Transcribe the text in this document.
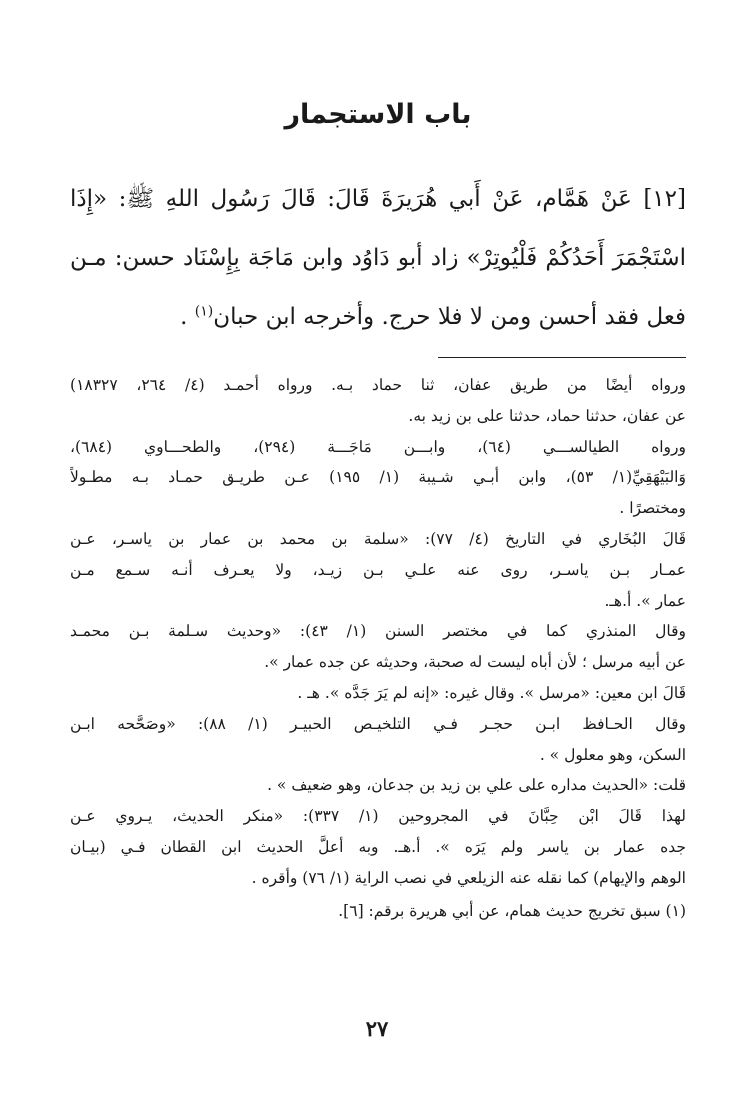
باب الاستجمار
[١٢] عَنْ هَمَّام، عَنْ أَبي هُرَيرَةَ قَالَ: قَالَ رَسُول اللهِ ﷺ: «إِذَا
اسْتَجْمَرَ أَحَدُكُمْ فَلْيُوتِرْ» زاد أبو دَاوُد وابن مَاجَة بِإِسْنَاد حسن: مـن
فعل فقد أحسن ومن لا فلا حرج. وأخرجه ابن حبان$^{(١)}$ .
ورواه أيضًا من طريق عفان، ثنا حماد بـه. ورواه أحمـد (٤/ ٢٦٤، ١٨٣٢٧)
عن عفان، حدثنا حماد، حدثنا على بن زيد به.
ورواه الطيالســـي (٦٤)، وابـــن مَاجَـــة (٢٩٤)، والطحـــاوي (٦٨٤)،
وَالبَيْهَقِيِّ(١/ ٥٣)، وابن أبـي شـيبة (١/ ١٩٥) عـن طريـق حمـاد بـه مطـولاً
ومختصرًا .
قَالَ البُخَاري في التاريخ (٤/ ٧٧): «سلمة بن محمد بن عمار بن ياسـر، عـن
عمـار بـن ياسـر، روى عنه علـي بـن زيـد، ولا يعـرف أنـه سـمع مـن
عمار ». أ.هـ.
وقال المنذري كما في مختصر السنن (١/ ٤٣): «وحديث سـلمة بـن محمـد
عن أبيه مرسل ؛ لأن أباه ليست له صحبة، وحديثه عن جده عمار ».
قَالَ ابن معين: «مرسل ». وقال غيره: «إنه لم يَرَ جَدَّه ». هـ .
وقال الحـافظ ابـن حجـر فـي التلخيـص الحبيـر (١/ ٨٨): «وصَحَّحه ابـن
السكن، وهو معلول » .
قلت: «الحديث مداره على علي بن زيد بن جدعان، وهو ضعيف » .
لهذا قَالَ ابْن حِبَّانَ في المجروحين (١/ ٣٣٧): «منكر الحديث، يـروي عـن
جده عمار بن ياسر ولم يَرَه ». أ.هـ. وبه أعلَّ الحديث ابن القطان فـي (بيـان
الوهم والإيهام) كما نقله عنه الزيلعي في نصب الراية (١/ ٧٦) وأقره .
(١) سبق تخريج حديث همام، عن أبي هريرة برقم: [٦].
٢٧
